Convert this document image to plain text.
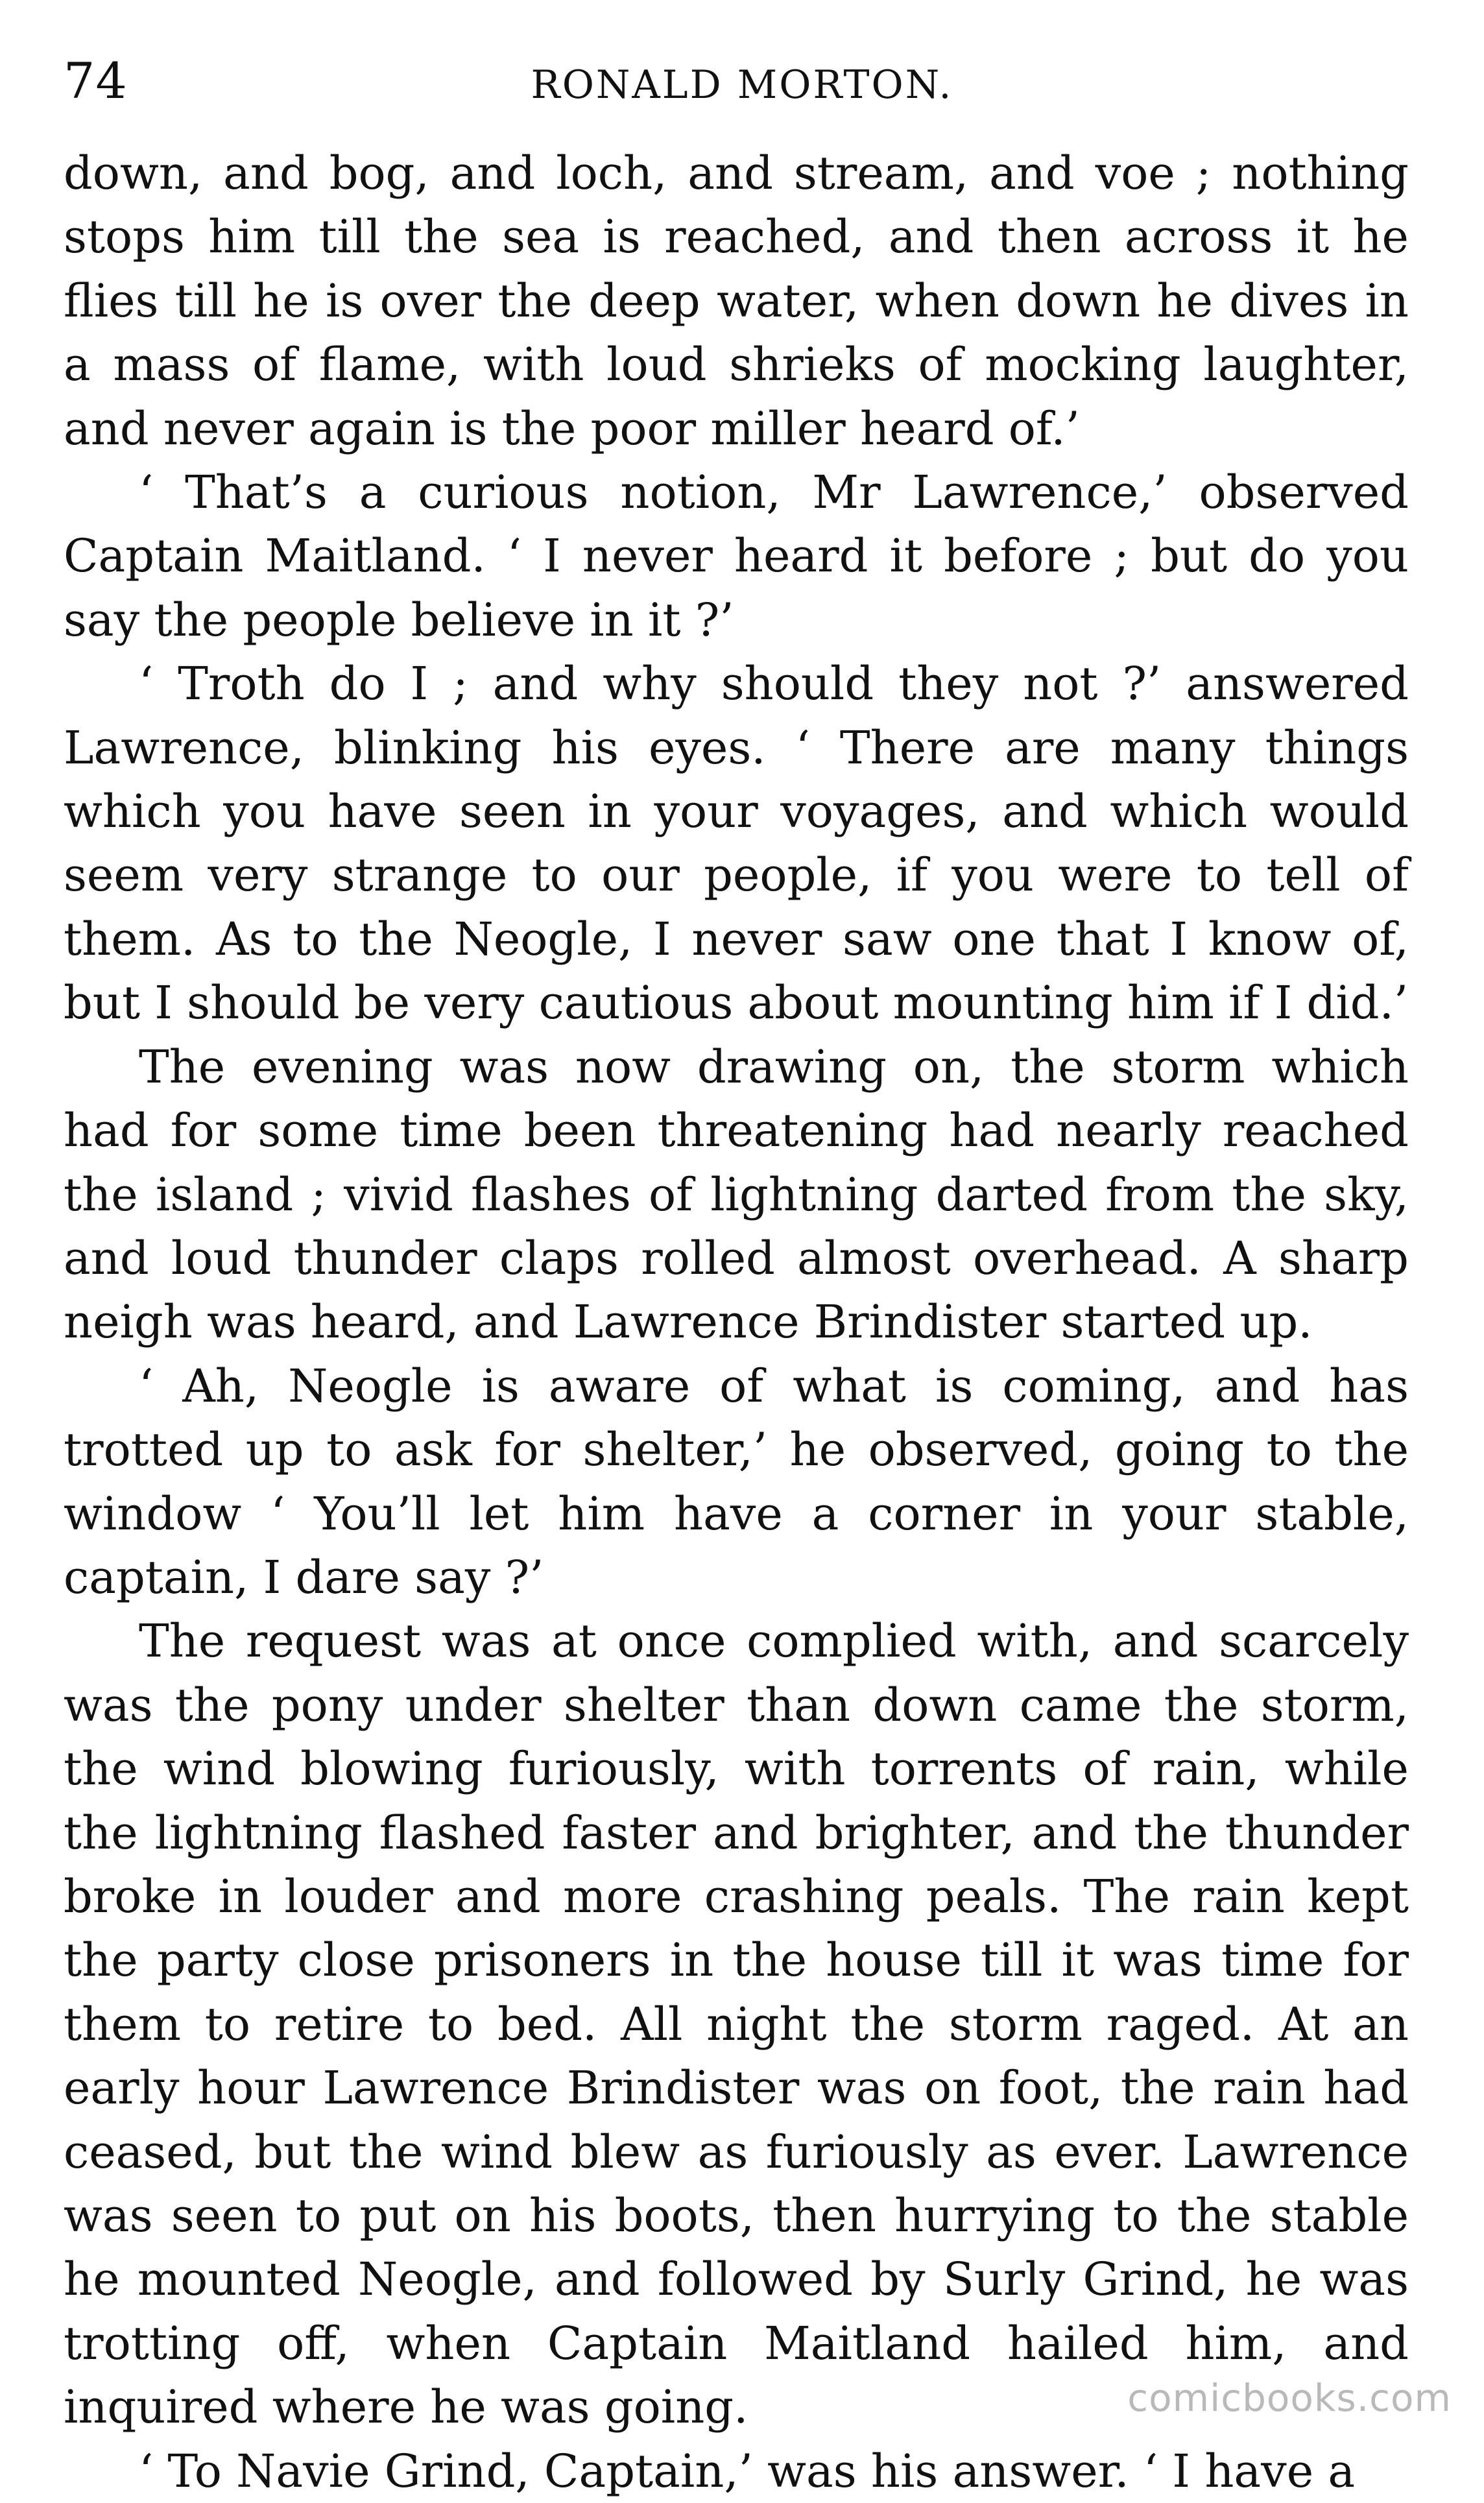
74	RONALD MORTON.

down, and bog, and loch, and stream, and voe ; nothing stops him till the sea is reached, and then across it he flies till he is over the deep water, when down he dives in a mass of flame, with loud shrieks of mocking laughter, and never again is the poor miller heard of.’

‘ That’s a curious notion, Mr Lawrence,’ observed Captain Maitland. ‘ I never heard it before ; but do you say the people believe in it ?’

‘ Troth do I ; and why should they not ?’ answered Lawrence, blinking his eyes. ‘ There are many things which you have seen in your voyages, and which would seem very strange to our people, if you were to tell of them. As to the Neogle, I never saw one that I know of, but I should be very cautious about mounting him if I did.’

The evening was now drawing on, the storm which had for some time been threatening had nearly reached the island ; vivid flashes of lightning darted from the sky, and loud thunder claps rolled almost overhead. A sharp neigh was heard, and Lawrence Brindister started up.

‘ Ah, Neogle is aware of what is coming, and has trotted up to ask for shelter,’ he observed, going to the window ‘ You’ll let him have a corner in your stable, captain, I dare say ?’

The request was at once complied with, and scarcely was the pony under shelter than down came the storm, the wind blowing furiously, with torrents of rain, while the lightning flashed faster and brighter, and the thunder broke in louder and more crashing peals. The rain kept the party close prisoners in the house till it was time for them to retire to bed. All night the storm raged. At an early hour Lawrence Brindister was on foot, the rain had ceased, but the wind blew as furiously as ever. Lawrence was seen to put on his boots, then hurrying to the stable he mounted Neogle, and followed by Surly Grind, he was trotting off, when Captain Maitland hailed him, and inquired where he was going.

‘ To Navie Grind, Captain,’ was his answer. ‘ I have a

comicbooks.com
